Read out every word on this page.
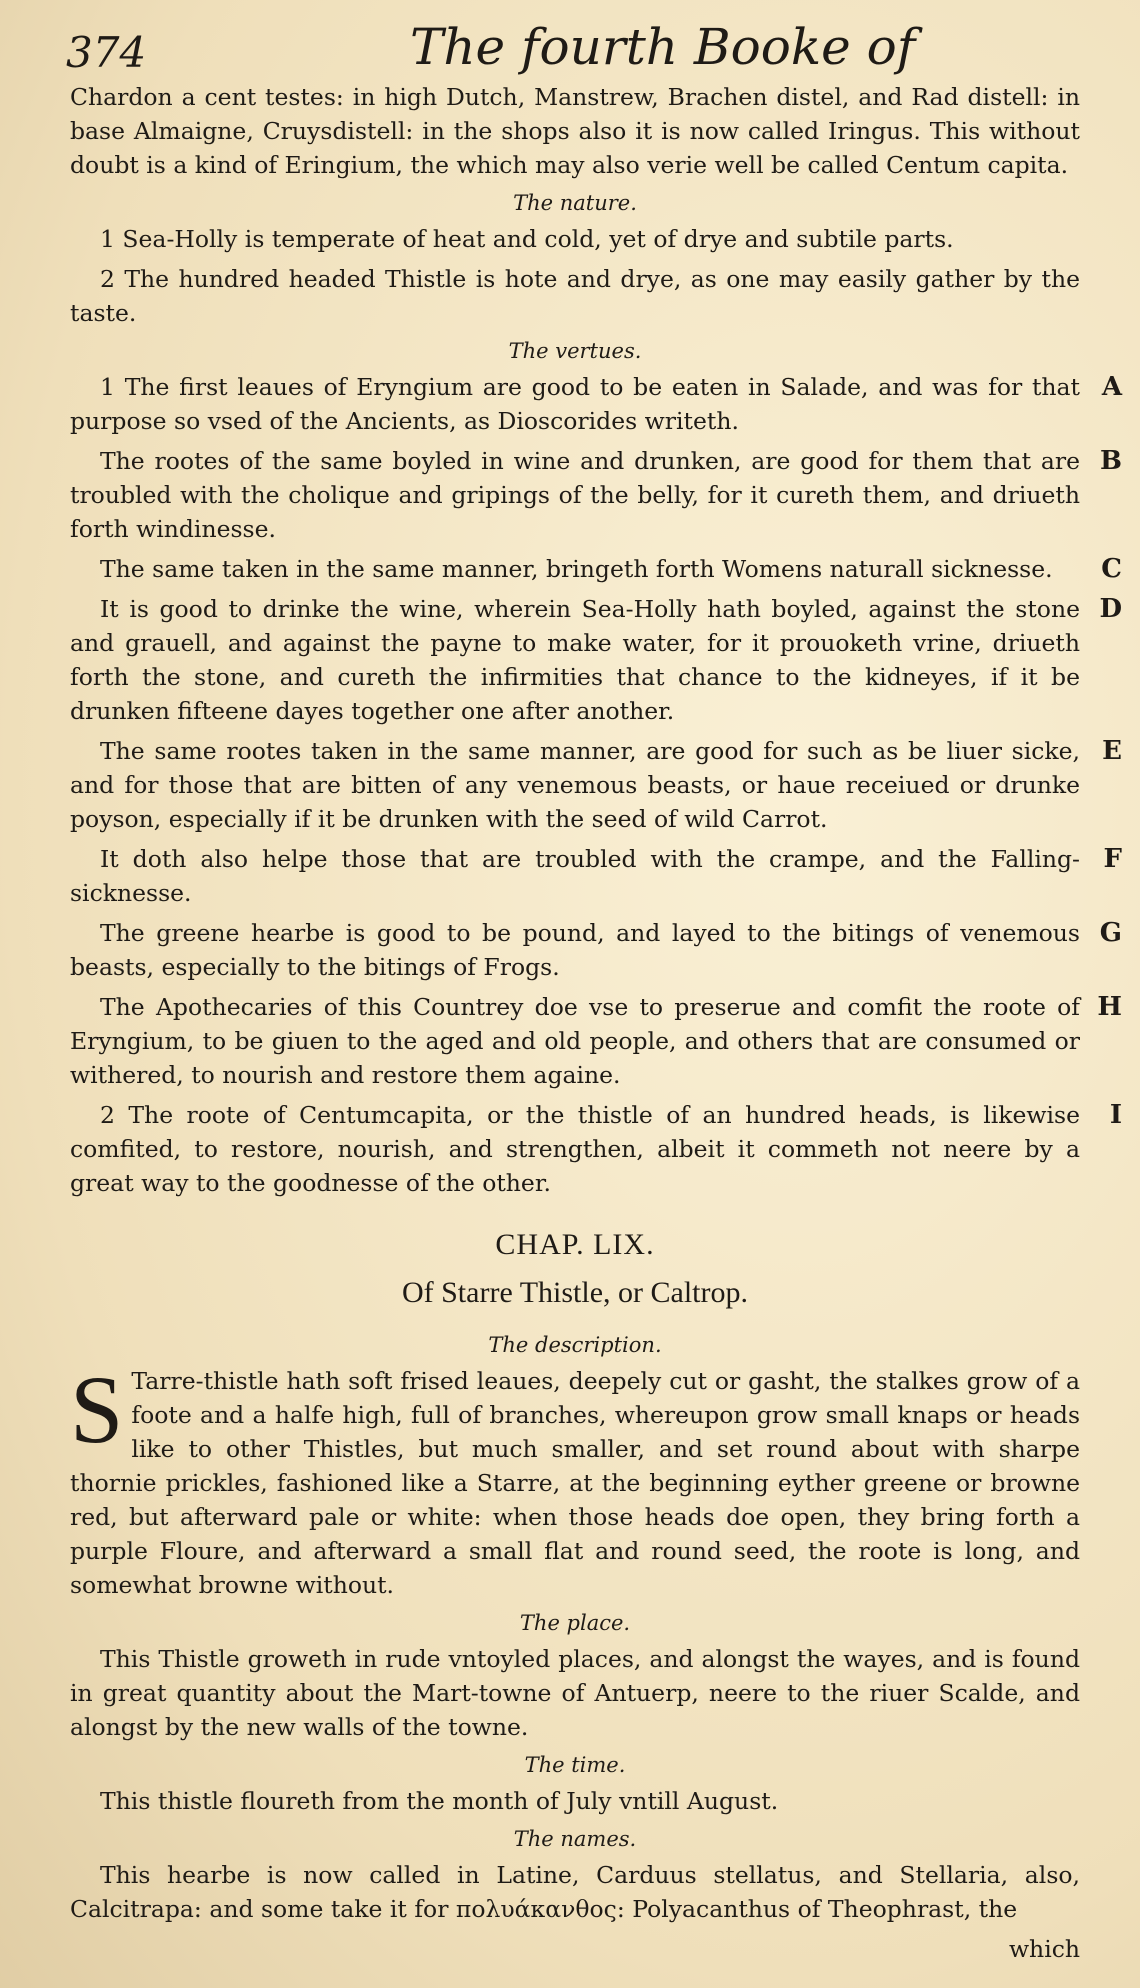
374	The fourth Booke of

Chardon a cent testes: in high Dutch, Manstrew, Brachen distel, and Rad distell: in base Almaigne, Cruysdistell: in the shops also it is now called Iringus. This without doubt is a kind of Eringium, the which may also verie well be called Centum capita.

The nature.

1 Sea-Holly is temperate of heat and cold, yet of drye and subtile parts.

2 The hundred headed Thistle is hote and drye, as one may easily gather by the taste.

The vertues.

1 The first leaues of Eryngium are good to be eaten in Salade, and was for that purpose so vsed of the Ancients, as Dioscorides writeth.
A

The rootes of the same boyled in wine and drunken, are good for them that are troubled with the cholique and gripings of the belly, for it cureth them, and driueth forth windinesse.
B

The same taken in the same manner, bringeth forth Womens naturall sicknesse.	C

It is good to drinke the wine, wherein Sea-Holly hath boyled, against the stone and grauell, and against the payne to make water, for it prouoketh vrine, driueth forth the stone, and cureth the infirmities that chance to the kidneyes, if it be drunken fifteene dayes together one after another.
D

The same rootes taken in the same manner, are good for such as be liuer sicke, and for those that are bitten of any venemous beasts, or haue receiued or drunke poyson, especially if it be drunken with the seed of wild Carrot.
E

It doth also helpe those that are troubled with the crampe, and the Falling-sicknesse.
F

The greene hearbe is good to be pound, and layed to the bitings of venemous beasts, especially to the bitings of Frogs.
G

The Apothecaries of this Countrey doe vse to preserue and comfit the roote of Eryngium, to be giuen to the aged and old people, and others that are consumed or withered, to nourish and restore them againe.
H

2 The roote of Centumcapita, or the thistle of an hundred heads, is likewise comfited, to restore, nourish, and strengthen, albeit it commeth not neere by a great way to the goodnesse of the other.
I

CHAP. LIX.
Of Starre Thistle, or Caltrop.
The description.

S Tarre-thistle hath soft frised leaues, deepely cut or gasht, the stalkes grow of a foote and a halfe high, full of branches, whereupon grow small knaps or heads like to other Thistles, but much smaller, and set round about with sharpe thornie prickles, fashioned like a Starre, at the beginning eyther greene or browne red, but afterward pale or white: when those heads doe open, they bring forth a purple Floure, and afterward a small flat and round seed, the roote is long, and somewhat browne without.

The place.

This Thistle groweth in rude vntoyled places, and alongst the wayes, and is found in great quantity about the Mart-towne of Antuerp, neere to the riuer Scalde, and alongst by the new walls of the towne.

The time.

This thistle floureth from the month of July vntill August.

The names.

This hearbe is now called in Latine, Carduus stellatus, and Stellaria, also, Calcitrapa: and some take it for πολυάκανθος: Polyacanthus of Theophrast, the

which
